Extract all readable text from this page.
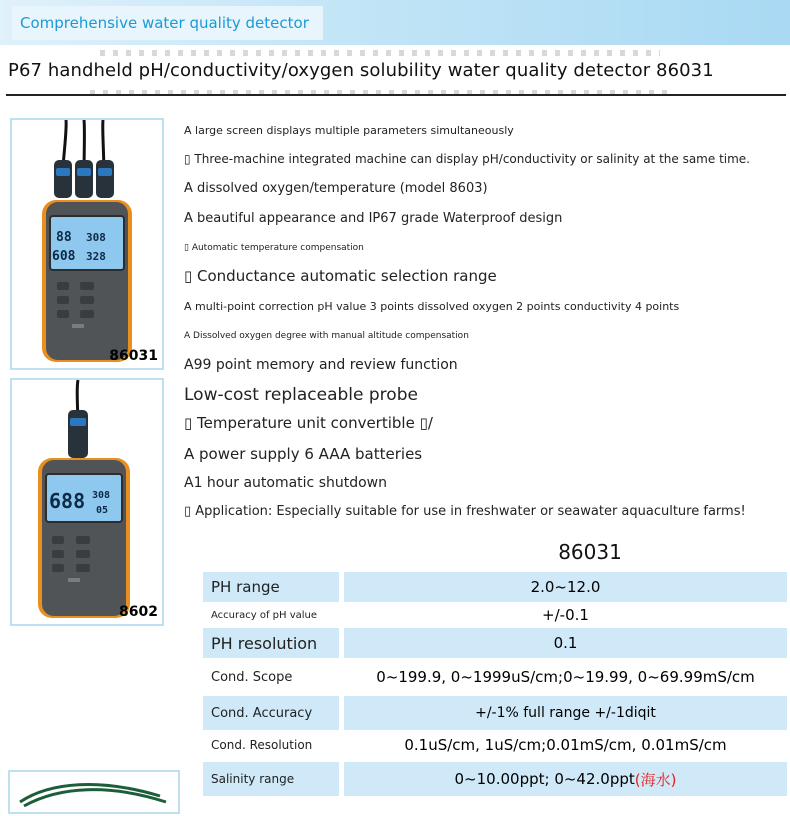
Comprehensive water quality detector
P67 handheld pH/conductivity/oxygen solubility water quality detector 86031
88 308
608 328
86031
688 308
05
8602
A large screen displays multiple parameters simultaneously
▯ Three-machine integrated machine can display pH/conductivity or salinity at the same time.
A dissolved oxygen/temperature (model 8603)
A beautiful appearance and IP67 grade Waterproof design
▯ Automatic temperature compensation
▯ Conductance automatic selection range
A multi-point correction pH value 3 points dissolved oxygen 2 points conductivity 4 points
A Dissolved oxygen degree with manual altitude compensation
A99 point memory and review function
Low-cost replaceable probe
▯ Temperature unit convertible ▯/
A power supply 6 AAA batteries
A1 hour automatic shutdown
▯ Application: Especially suitable for use in freshwater or seawater aquaculture farms!
86031
PH range	2.0~12.0
Accuracy of pH value	+/-0.1
PH resolution	0.1
Cond. Scope	0~199.9, 0~1999uS/cm;0~19.99, 0~69.99mS/cm
Cond. Accuracy	+/-1% full range +/-1diqit
Cond. Resolution	0.1uS/cm, 1uS/cm;0.01mS/cm, 0.01mS/cm
Salinity range	0~10.00ppt; 0~42.0ppt (海水)
